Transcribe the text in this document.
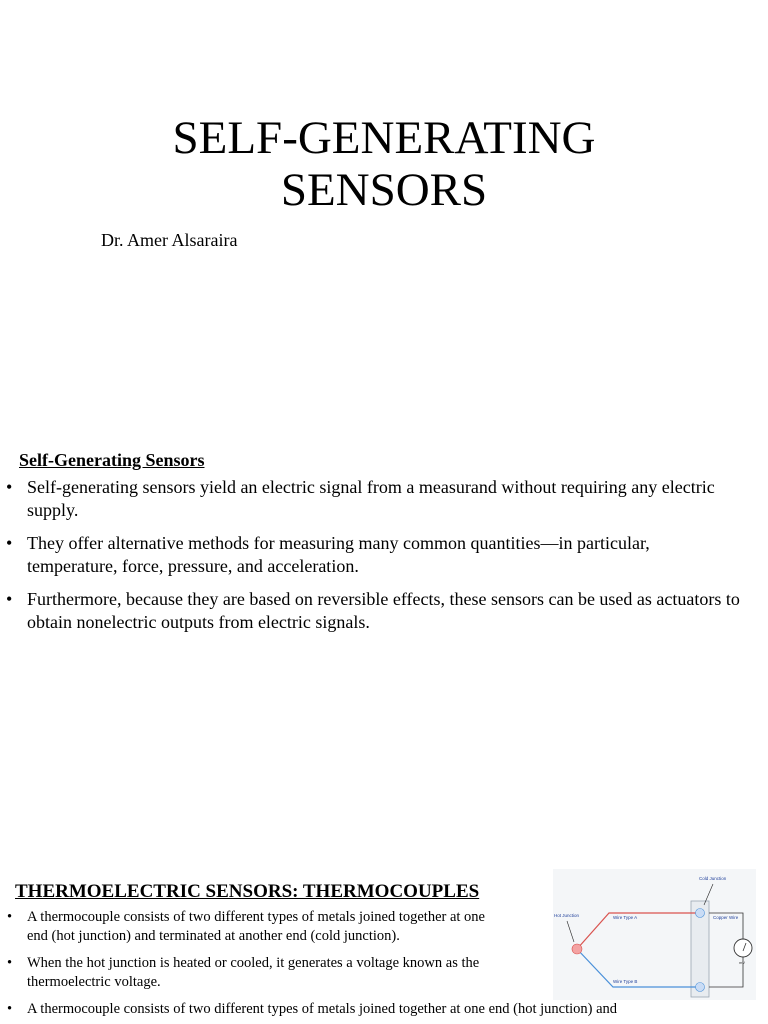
SELF-GENERATING
SENSORS
Dr. Amer Alsaraira
Self-Generating Sensors
• Self-generating sensors yield an electric signal from a measurand without requiring any electric supply.
• They offer alternative methods for measuring many common quantities—in particular, temperature, force, pressure, and acceleration.
• Furthermore, because they are based on reversible effects, these sensors can be used as actuators to obtain nonelectric outputs from electric signals.
THERMOELECTRIC SENSORS: THERMOCOUPLES
• A thermocouple consists of two different types of metals joined together at one end (hot junction) and terminated at another end (cold junction).
• When the hot junction is heated or cooled, it generates a voltage known as the thermoelectric voltage.
• A thermocouple consists of two different types of metals joined together at one end (hot junction) and
Cold Junction
Hot Junction	Wire Type A
Wire Type B
Copper Wire
mV
